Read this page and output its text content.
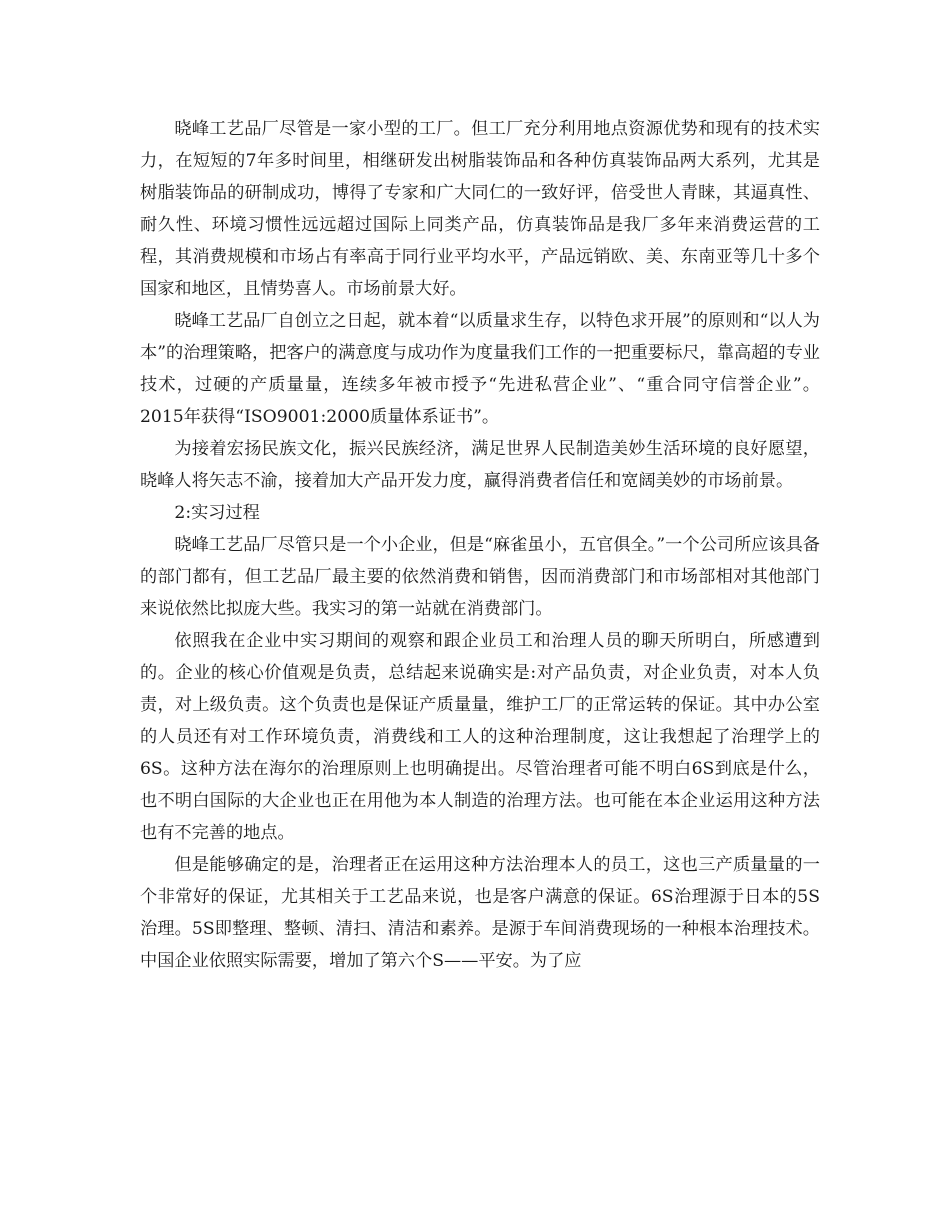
晓峰工艺品厂尽管是一家小型的工厂。但工厂充分利用地点资源优势和现有的技术实力，在短短的7年多时间里，相继研发出树脂装饰品和各种仿真装饰品两大系列，尤其是树脂装饰品的研制成功，博得了专家和广大同仁的一致好评，倍受世人青睐，其逼真性、耐久性、环境习惯性远远超过国际上同类产品，仿真装饰品是我厂多年来消费运营的工程，其消费规模和市场占有率高于同行业平均水平，产品远销欧、美、东南亚等几十多个国家和地区，且情势喜人。市场前景大好。

晓峰工艺品厂自创立之日起，就本着“以质量求生存，以特色求开展”的原则和“以人为本”的治理策略，把客户的满意度与成功作为度量我们工作的一把重要标尺，靠高超的专业技术，过硬的产质量量，连续多年被市授予“先进私营企业”、“重合同守信誉企业”。2015年获得“ISO9001:2000质量体系证书”。

为接着宏扬民族文化，振兴民族经济，满足世界人民制造美妙生活环境的良好愿望，晓峰人将矢志不渝，接着加大产品开发力度，赢得消费者信任和宽阔美妙的市场前景。

2:实习过程

晓峰工艺品厂尽管只是一个小企业，但是“麻雀虽小，五官俱全。”一个公司所应该具备的部门都有，但工艺品厂最主要的依然消费和销售，因而消费部门和市场部相对其他部门来说依然比拟庞大些。我实习的第一站就在消费部门。

依照我在企业中实习期间的观察和跟企业员工和治理人员的聊天所明白，所感遭到的。企业的核心价值观是负责，总结起来说确实是:对产品负责，对企业负责，对本人负责，对上级负责。这个负责也是保证产质量量，维护工厂的正常运转的保证。其中办公室的人员还有对工作环境负责，消费线和工人的这种治理制度，这让我想起了治理学上的6S。这种方法在海尔的治理原则上也明确提出。尽管治理者可能不明白6S到底是什么，也不明白国际的大企业也正在用他为本人制造的治理方法。也可能在本企业运用这种方法也有不完善的地点。

但是能够确定的是，治理者正在运用这种方法治理本人的员工，这也三产质量量的一个非常好的保证，尤其相关于工艺品来说，也是客户满意的保证。6S治理源于日本的5S治理。5S即整理、整顿、清扫、清洁和素养。是源于车间消费现场的一种根本治理技术。中国企业依照实际需要，增加了第六个S——平安。为了应
